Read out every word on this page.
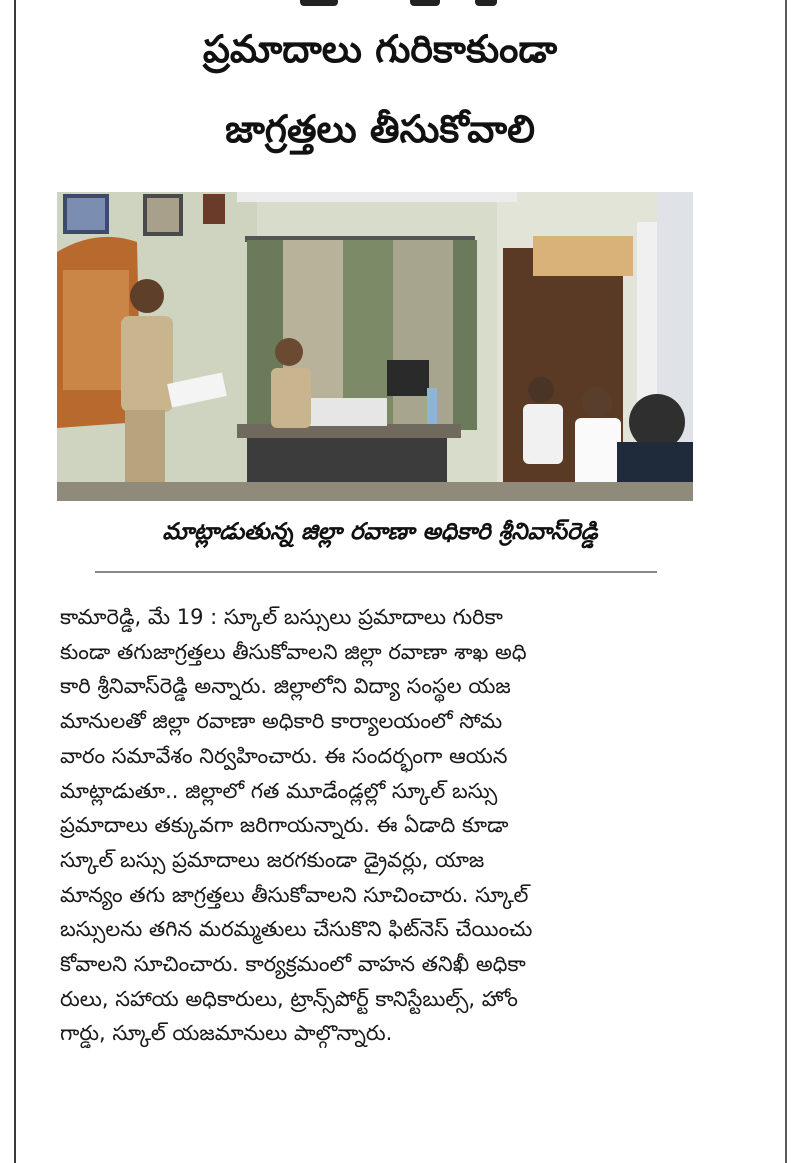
ప్రమాదాలు గురికాకుండా
జాగ్రత్తలు తీసుకోవాలి
మాట్లాడుతున్న జిల్లా రవాణా అధికారి శ్రీనివాస్‌రెడ్డి
కామారెడ్డి, మే 19 : స్కూల్ బస్సులు ప్రమాదాలు గురికా
కుండా తగుజాగ్రత్తలు తీసుకోవాలని జిల్లా రవాణా శాఖ అధి
కారి శ్రీనివాస్‌రెడ్డి అన్నారు. జిల్లాలోని విద్యా సంస్థల యజ
మానులతో జిల్లా రవాణా అధికారి కార్యాలయంలో సోమ
వారం సమావేశం నిర్వహించారు. ఈ సందర్భంగా ఆయన
మాట్లాడుతూ.. జిల్లాలో గత మూడేండ్లల్లో స్కూల్ బస్సు
ప్రమాదాలు తక్కువగా జరిగాయన్నారు. ఈ ఏడాది కూడా
స్కూల్ బస్సు ప్రమాదాలు జరగకుండా డ్రైవర్లు, యాజ
మాన్యం తగు జాగ్రత్తలు తీసుకోవాలని సూచించారు. స్కూల్
బస్సులను తగిన మరమ్మతులు చేసుకొని ఫిట్‌నెస్ చేయించు
కోవాలని సూచించారు. కార్యక్రమంలో వాహన తనిఖీ అధికా
రులు, సహాయ అధికారులు, ట్రాన్స్‌పోర్ట్ కానిస్టేబుల్స్, హోం
గార్డు, స్కూల్ యజమానులు పాల్గొన్నారు.
